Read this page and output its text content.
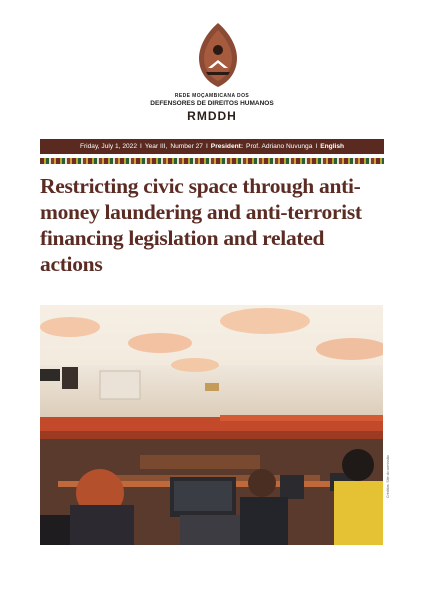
REDE MOÇAMBICANA DOS
DEFENSORES DE DIREITOS HUMANOS
RMDDH
Friday, July 1, 2022 I Year III, Number 27 I President: Prof. Adriano Nuvunga I English
Restricting civic space through anti-money laundering and anti-terrorist financing legislation and related actions
Créditos: Site do comissão
